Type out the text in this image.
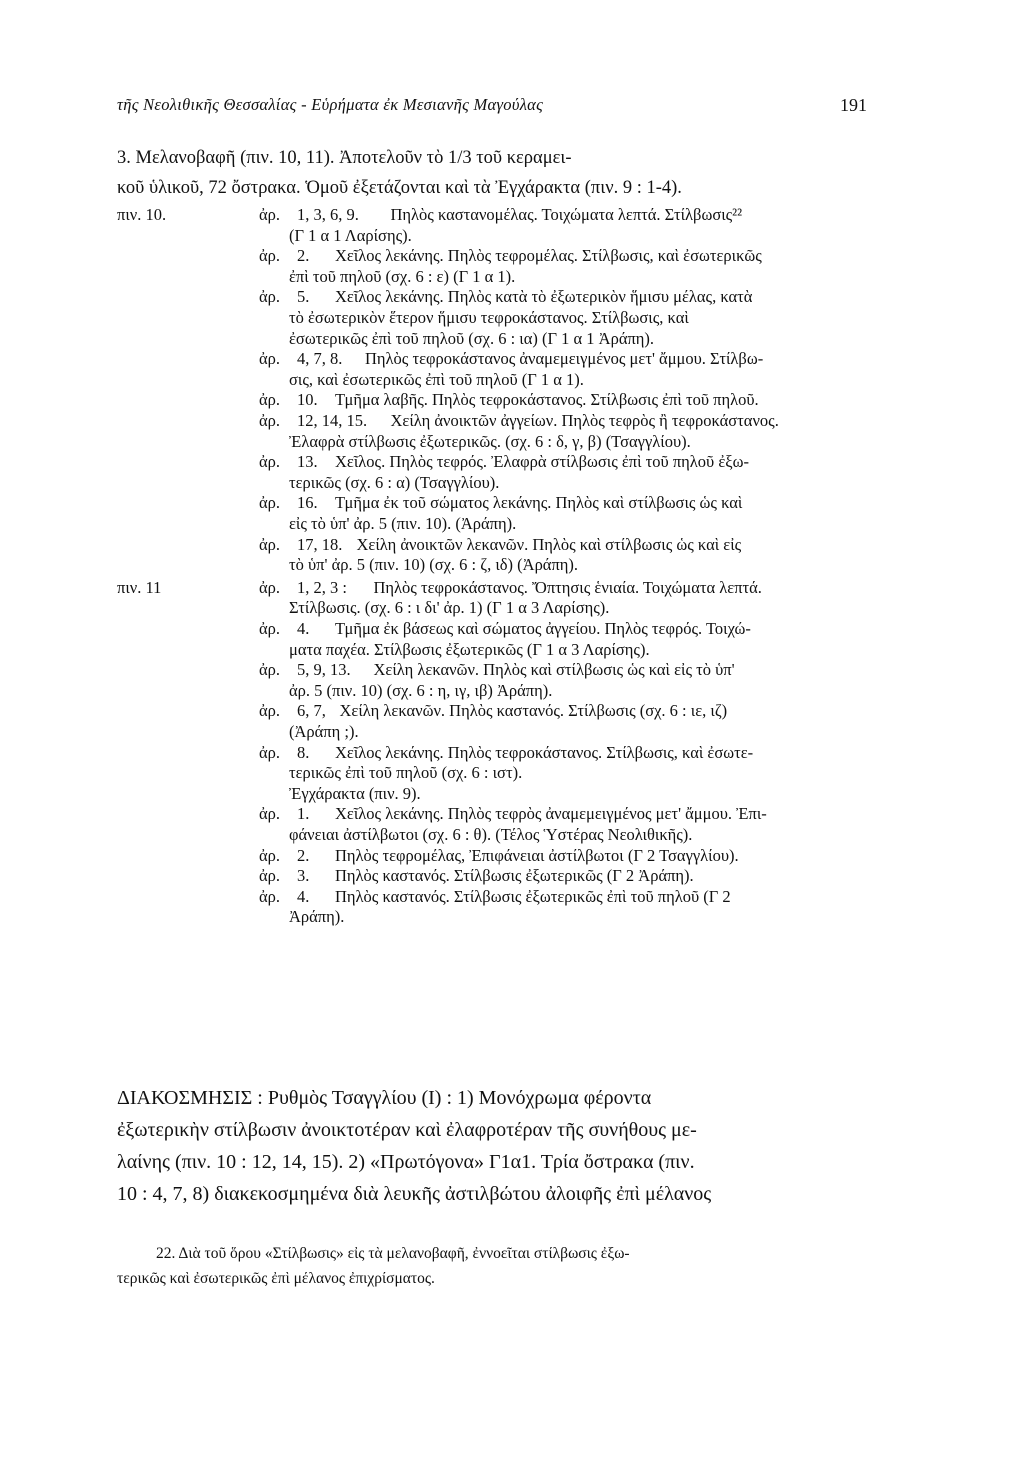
τῆς Νεολιθικῆς Θεσσαλίας - Εὑρήματα ἐκ Μεσιανῆς Μαγούλας	191
3. Μελανοβαφῆ (πιν. 10, 11). Ἀποτελοῦν τὸ 1/3 τοῦ κεραμει-
κοῦ ὑλικοῦ, 72 ὄστρακα. Ὁμοῦ ἐξετάζονται καὶ τὰ Ἐγχάρακτα (πιν. 9 : 1-4).
πιν. 10.	ἀρ. 1, 3, 6, 9. Πηλὸς καστανομέλας. Τοιχώματα λεπτά. Στίλβωσις²²
(Γ 1 α 1 Λαρίσης).
ἀρ. 2. Χεῖλος λεκάνης. Πηλὸς τεφρομέλας. Στίλβωσις, καὶ ἐσωτερικῶς
ἐπὶ τοῦ πηλοῦ (σχ. 6 : ε) (Γ 1 α 1).
ἀρ. 5. Χεῖλος λεκάνης. Πηλὸς κατὰ τὸ ἐξωτερικὸν ἥμισυ μέλας, κατὰ
τὸ ἐσωτερικὸν ἕτερον ἥμισυ τεφροκάστανος. Στίλβωσις, καὶ
ἐσωτερικῶς ἐπὶ τοῦ πηλοῦ (σχ. 6 : ια) (Γ 1 α 1 Ἀράπη).
ἀρ. 4, 7, 8. Πηλὸς τεφροκάστανος ἀναμεμειγμένος μετ' ἄμμου. Στίλβω-
σις, καὶ ἐσωτερικῶς ἐπὶ τοῦ πηλοῦ (Γ 1 α 1).
ἀρ. 10. Τμῆμα λαβῆς. Πηλὸς τεφροκάστανος. Στίλβωσις ἐπὶ τοῦ πηλοῦ.
ἀρ. 12, 14, 15. Χείλη ἀνοικτῶν ἀγγείων. Πηλὸς τεφρὸς ἢ τεφροκάστανος.
Ἐλαφρὰ στίλβωσις ἐξωτερικῶς. (σχ. 6 : δ, γ, β) (Τσαγγλίου).
ἀρ. 13. Χεῖλος. Πηλὸς τεφρός. Ἐλαφρὰ στίλβωσις ἐπὶ τοῦ πηλοῦ ἐξω-
τερικῶς (σχ. 6 : α) (Τσαγγλίου).
ἀρ. 16. Τμῆμα ἐκ τοῦ σώματος λεκάνης. Πηλὸς καὶ στίλβωσις ὡς καὶ
εἰς τὸ ὑπ' ἀρ. 5 (πιν. 10). (Ἀράπη).
ἀρ. 17, 18. Χείλη ἀνοικτῶν λεκανῶν. Πηλὸς καὶ στίλβωσις ὡς καὶ εἰς
τὸ ὑπ' ἀρ. 5 (πιν. 10) (σχ. 6 : ζ, ιδ) (Ἀράπη).
πιν. 11	ἀρ. 1, 2, 3 : Πηλὸς τεφροκάστανος. Ὄπτησις ἑνιαία. Τοιχώματα λεπτά.
Στίλβωσις. (σχ. 6 : ι δι' ἀρ. 1) (Γ 1 α 3 Λαρίσης).
ἀρ. 4. Τμῆμα ἐκ βάσεως καὶ σώματος ἀγγείου. Πηλὸς τεφρός. Τοιχώ-
ματα παχέα. Στίλβωσις ἐξωτερικῶς (Γ 1 α 3 Λαρίσης).
ἀρ. 5, 9, 13. Χείλη λεκανῶν. Πηλὸς καὶ στίλβωσις ὡς καὶ εἰς τὸ ὑπ'
ἀρ. 5 (πιν. 10) (σχ. 6 : η, ιγ, ιβ) Ἀράπη).
ἀρ. 6, 7, Χείλη λεκανῶν. Πηλὸς καστανός. Στίλβωσις (σχ. 6 : ιε, ιζ)
(Ἀράπη ;).
ἀρ. 8. Χεῖλος λεκάνης. Πηλὸς τεφροκάστανος. Στίλβωσις, καὶ ἐσωτε-
τερικῶς ἐπὶ τοῦ πηλοῦ (σχ. 6 : ιστ).
Ἐγχάρακτα (πιν. 9).
ἀρ. 1. Χεῖλος λεκάνης. Πηλὸς τεφρὸς ἀναμεμειγμένος μετ' ἄμμου. Ἐπι-
φάνειαι ἀστίλβωτοι (σχ. 6 : θ). (Τέλος Ὑστέρας Νεολιθικῆς).
ἀρ. 2. Πηλὸς τεφρομέλας, Ἐπιφάνειαι ἀστίλβωτοι (Γ 2 Τσαγγλίου).
ἀρ. 3. Πηλὸς καστανός. Στίλβωσις ἐξωτερικῶς (Γ 2 Ἀράπη).
ἀρ. 4. Πηλὸς καστανός. Στίλβωσις ἐξωτερικῶς ἐπὶ τοῦ πηλοῦ (Γ 2
Ἀράπη).
ΔΙΑΚΟΣΜΗΣΙΣ : Ρυθμὸς Τσαγγλίου (Ι) : 1) Μονόχρωμα φέροντα
ἐξωτερικὴν στίλβωσιν ἀνοικτοτέραν καὶ ἐλαφροτέραν τῆς συνήθους με-
λαίνης (πιν. 10 : 12, 14, 15). 2) «Πρωτόγονα» Γ1α1. Τρία ὄστρακα (πιν.
10 : 4, 7, 8) διακεκοσμημένα διὰ λευκῆς ἀστιλβώτου ἀλοιφῆς ἐπὶ μέλανος
22. Διὰ τοῦ ὅρου «Στίλβωσις» εἰς τὰ μελανοβαφῆ, ἐννοεῖται στίλβωσις ἐξω-
τερικῶς καὶ ἐσωτερικῶς ἐπὶ μέλανος ἐπιχρίσματος.
